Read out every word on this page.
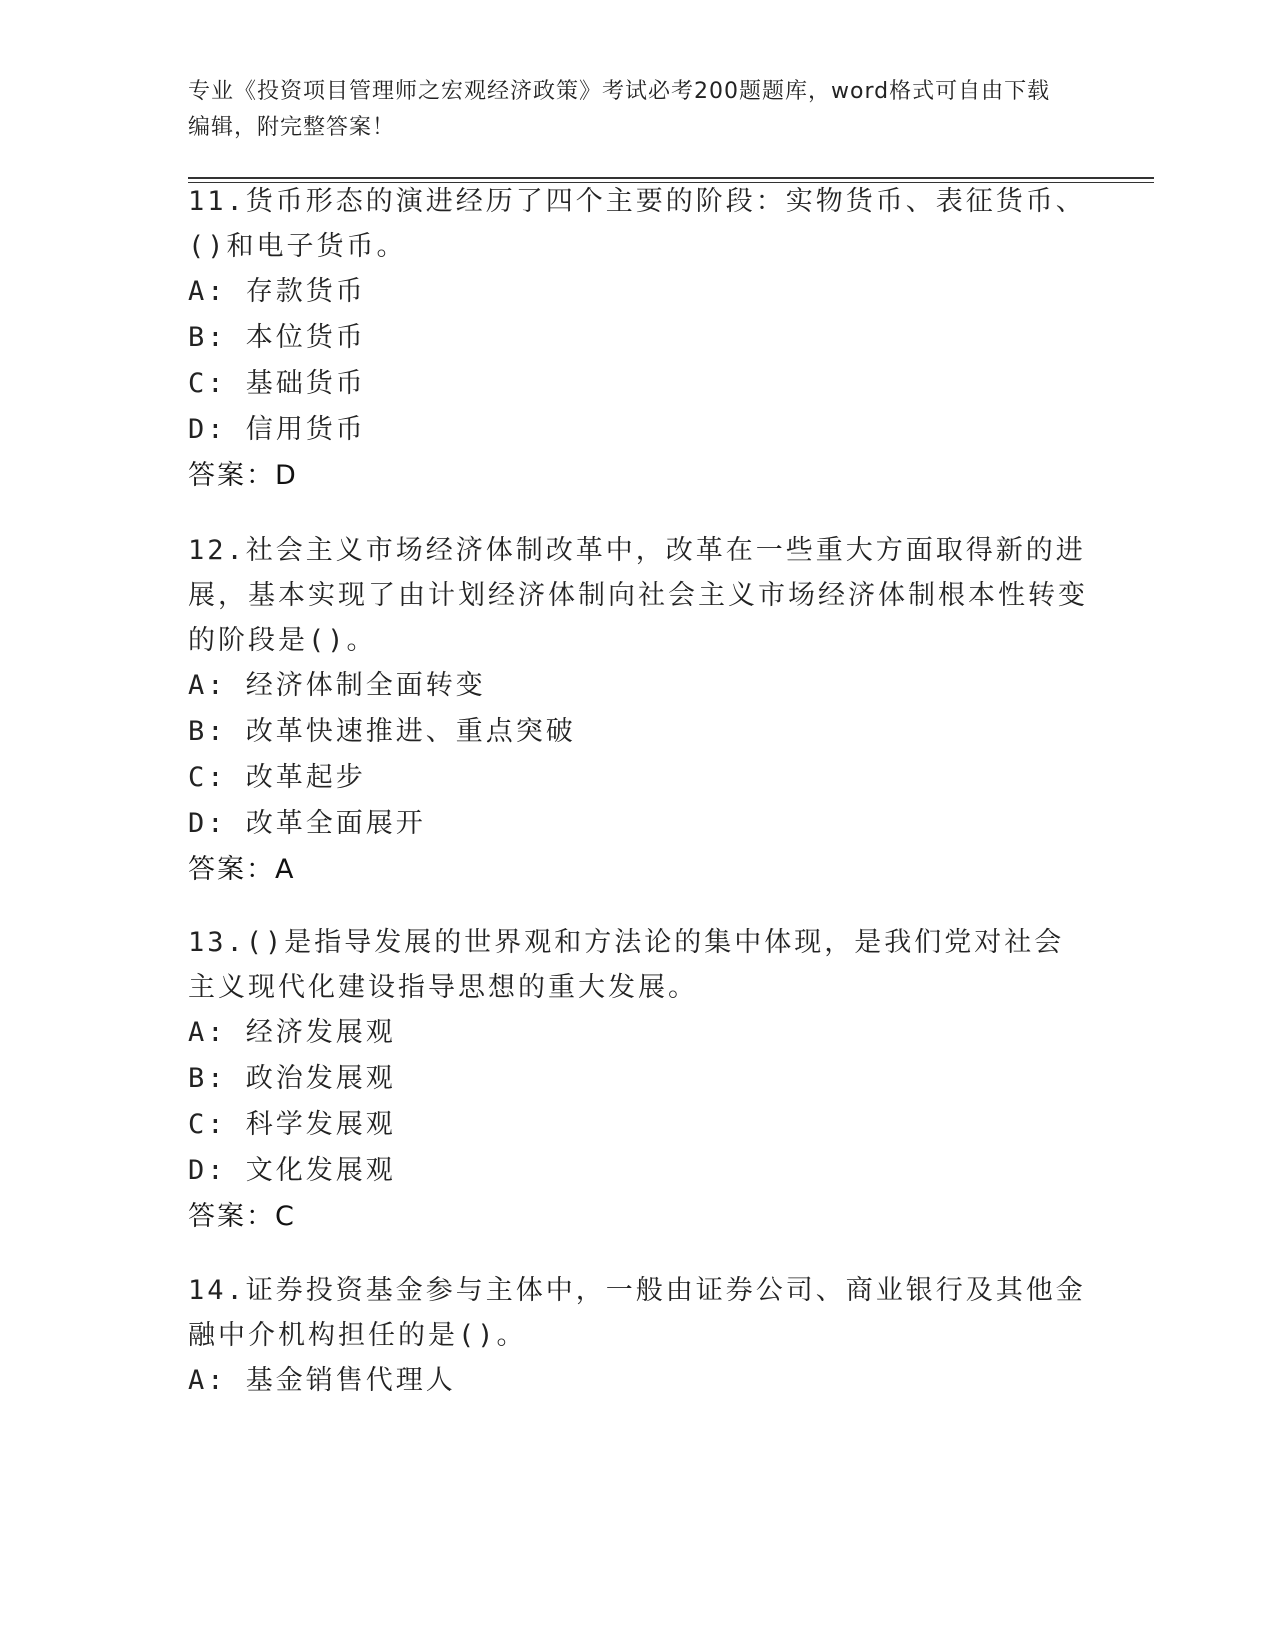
专业《投资项目管理师之宏观经济政策》考试必考200题题库，word格式可自由下载编辑，附完整答案！
11.货币形态的演进经历了四个主要的阶段：实物货币、表征货币、()和电子货币。
A: 存款货币
B: 本位货币
C: 基础货币
D: 信用货币
答案：D
12.社会主义市场经济体制改革中，改革在一些重大方面取得新的进展，基本实现了由计划经济体制向社会主义市场经济体制根本性转变的阶段是()。
A: 经济体制全面转变
B: 改革快速推进、重点突破
C: 改革起步
D: 改革全面展开
答案：A
13.()是指导发展的世界观和方法论的集中体现，是我们党对社会主义现代化建设指导思想的重大发展。
A: 经济发展观
B: 政治发展观
C: 科学发展观
D: 文化发展观
答案：C
14.证券投资基金参与主体中，一般由证券公司、商业银行及其他金融中介机构担任的是()。
A: 基金销售代理人
